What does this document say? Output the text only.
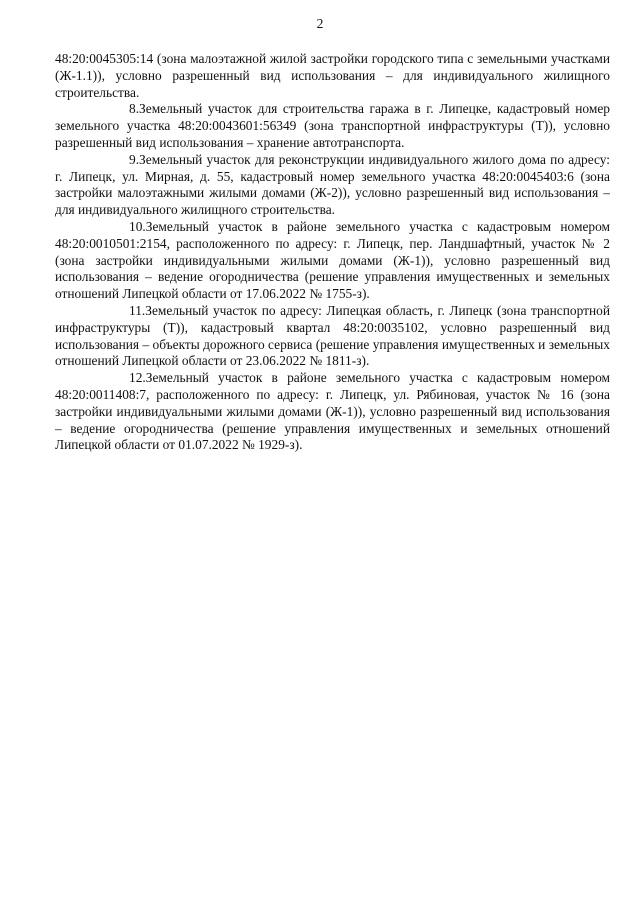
2

48:20:0045305:14 (зона малоэтажной жилой застройки городского типа с земельными участками (Ж-1.1)), условно разрешенный вид использования – для индивидуального жилищного строительства.

8.Земельный участок для строительства гаража в г. Липецке, кадастровый номер земельного участка 48:20:0043601:56349 (зона транспортной инфраструктуры (Т)), условно разрешенный вид использования – хранение автотранспорта.

9.Земельный участок для реконструкции индивидуального жилого дома по адресу: г. Липецк, ул. Мирная, д. 55, кадастровый номер земельного участка 48:20:0045403:6 (зона застройки малоэтажными жилыми домами (Ж-2)), условно разрешенный вид использования – для индивидуального жилищного строительства.

10.Земельный участок в районе земельного участка с кадастровым номером 48:20:0010501:2154, расположенного по адресу: г. Липецк, пер. Ландшафтный, участок № 2 (зона застройки индивидуальными жилыми домами (Ж-1)), условно разрешенный вид использования – ведение огородничества (решение управления имущественных и земельных отношений Липецкой области от 17.06.2022 № 1755-з).

11.Земельный участок по адресу: Липецкая область, г. Липецк (зона транспортной инфраструктуры (Т)), кадастровый квартал 48:20:0035102, условно разрешенный вид использования – объекты дорожного сервиса (решение управления имущественных и земельных отношений Липецкой области от 23.06.2022 № 1811-з).

12.Земельный участок в районе земельного участка с кадастровым номером 48:20:0011408:7, расположенного по адресу: г. Липецк, ул. Рябиновая, участок № 16 (зона застройки индивидуальными жилыми домами (Ж-1)), условно разрешенный вид использования – ведение огородничества (решение управления имущественных и земельных отношений Липецкой области от 01.07.2022 № 1929-з).
